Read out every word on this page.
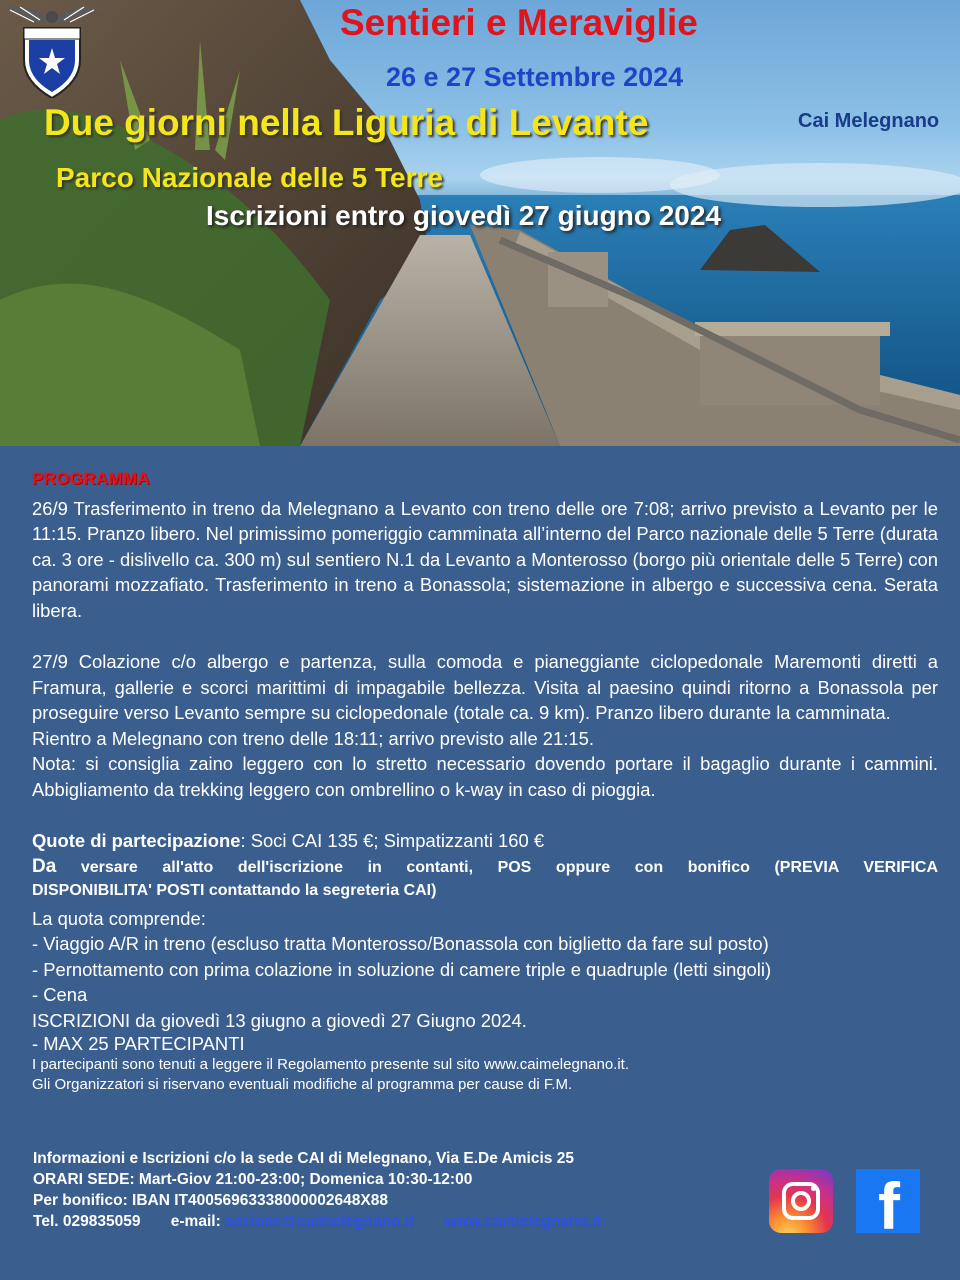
Sentieri e Meraviglie
26 e 27 Settembre 2024
Due giorni nella Liguria di Levante
Parco Nazionale delle 5 Terre
Iscrizioni entro giovedì 27 giugno 2024
Cai Melegnano
PROGRAMMA

26/9 Trasferimento in treno da Melegnano a Levanto con treno delle ore 7:08; arrivo previsto a Levanto per le 11:15. Pranzo libero. Nel primissimo pomeriggio camminata all’interno del Parco nazionale delle 5 Terre (durata ca. 3 ore - dislivello ca. 300 m) sul sentiero N.1 da Levanto a Monterosso (borgo più orientale delle 5 Terre) con panorami mozzafiato. Trasferimento in treno a Bonassola; sistemazione in albergo e successiva cena. Serata libera.

27/9 Colazione c/o albergo e partenza, sulla comoda e pianeggiante ciclopedonale Maremonti diretti a Framura, gallerie e scorci marittimi di impagabile bellezza. Visita al paesino quindi ritorno a Bonassola per proseguire verso Levanto sempre su ciclopedonale (totale ca. 9 km). Pranzo libero durante la camminata.

Rientro a Melegnano con treno delle 18:11; arrivo previsto alle 21:15.

Nota: si consiglia zaino leggero con lo stretto necessario dovendo portare il bagaglio durante i cammini. Abbigliamento da trekking leggero con ombrellino o k-way in caso di pioggia.

Quote di partecipazione: Soci CAI 135 €; Simpatizzanti 160 €
Da versare all'atto dell'iscrizione in contanti, POS oppure con bonifico (PREVIA VERIFICA
DISPONIBILITA' POSTI contattando la segreteria CAI)
La quota comprende:
- Viaggio A/R in treno (escluso tratta Monterosso/Bonassola con biglietto da fare sul posto)
- Pernottamento con prima colazione in soluzione di camere triple e quadruple (letti singoli)
- Cena
ISCRIZIONI da giovedì 13 giugno a giovedì 27 Giugno 2024.
- MAX 25 PARTECIPANTI
I partecipanti sono tenuti a leggere il Regolamento presente sul sito www.caimelegnano.it.
Gli Organizzatori si riservano eventuali modifiche al programma per cause di F.M.
Informazioni e Iscrizioni c/o la sede CAI di Melegnano, Via E.De Amicis 25
ORARI SEDE: Mart-Giov 21:00-23:00; Domenica 10:30-12:00
Per bonifico: IBAN IT40056963338000002648X88
Tel. 029835059 e-mail: sezione@caimelegnano.it www.caimelegnano.it	f
